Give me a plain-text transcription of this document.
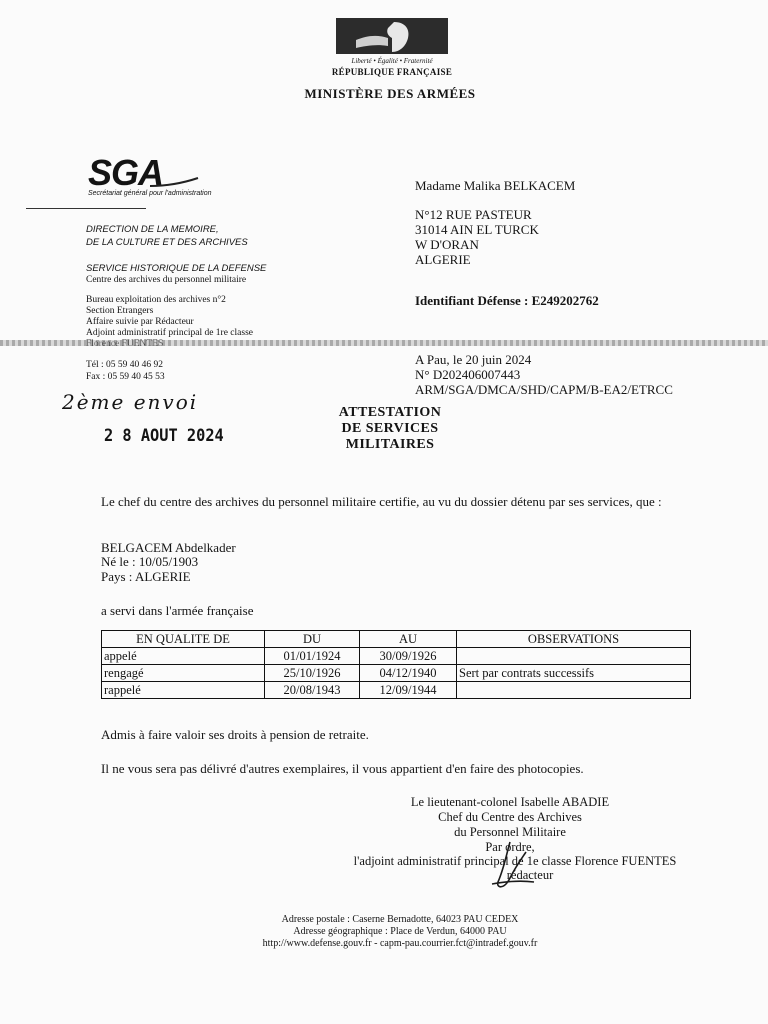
Liberté • Égalité • Fraternité
RÉPUBLIQUE FRANÇAISE
MINISTÈRE DES ARMÉES
SGA
Secrétariat général pour l'administration
DIRECTION DE LA MEMOIRE,
DE LA CULTURE ET DES ARCHIVES
SERVICE HISTORIQUE DE LA DEFENSE
Centre des archives du personnel militaire
Bureau exploitation des archives n°2
Section Etrangers
Affaire suivie par Rédacteur
Adjoint administratif principal de 1re classe
Tél : 05 59 40 46 92
Fax : 05 59 40 45 53
2ème envoi
2 8 AOUT 2024
Madame Malika BELKACEM
N°12 RUE PASTEUR
31014 AIN EL TURCK
W D'ORAN
ALGERIE
Identifiant Défense : E249202762
A Pau, le 20 juin 2024
N° D202406007443
ARM/SGA/DMCA/SHD/CAPM/B-EA2/ETRCC
ATTESTATION
DE SERVICES MILITAIRES
Le chef du centre des archives du personnel militaire certifie, au vu du dossier détenu par ses services, que :
BELGACEM Abdelkader
Né le : 10/05/1903
Pays : ALGERIE
a servi dans l'armée française
EN QUALITE DE	DU	AU	OBSERVATIONS
appelé	01/01/1924	30/09/1926	
rengagé	25/10/1926	04/12/1940	Sert par contrats successifs
rappelé	20/08/1943	12/09/1944	
Admis à faire valoir ses droits à pension de retraite.
Il ne vous sera pas délivré d'autres exemplaires, il vous appartient d'en faire des photocopies.
Le lieutenant-colonel Isabelle ABADIE
Chef du Centre des Archives
du Personnel Militaire
Par ordre,
l'adjoint administratif principal de 1e classe Florence FUENTES
rédacteur
Adresse postale : Caserne Bernadotte, 64023 PAU CEDEX
Adresse géographique : Place de Verdun, 64000 PAU
http://www.defense.gouv.fr - capm-pau.courrier.fct@intradef.gouv.fr
